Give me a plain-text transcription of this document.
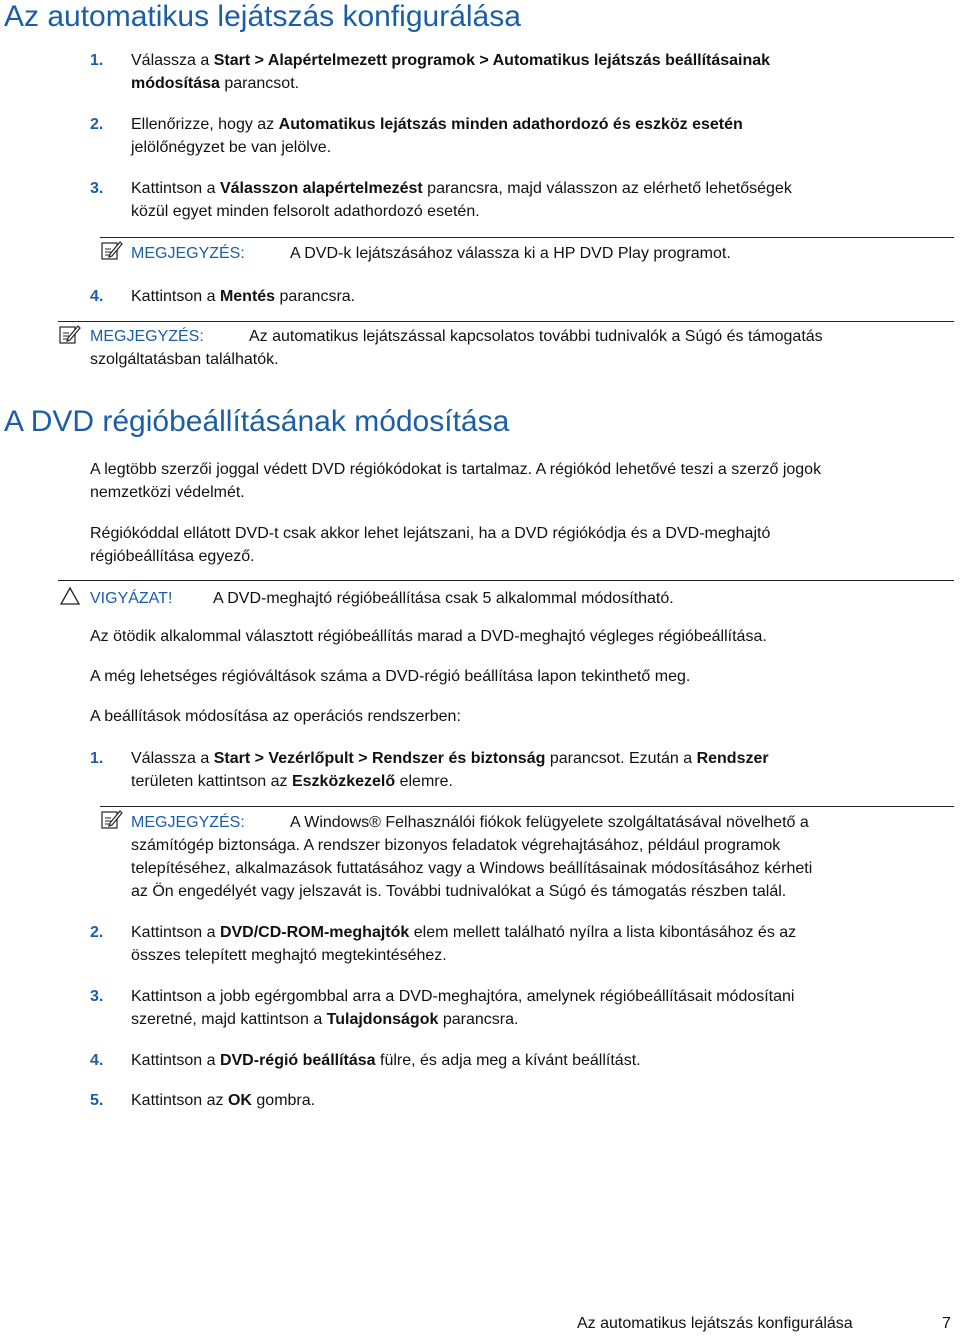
Az automatikus lejátszás konfigurálása
1. Válassza a Start > Alapértelmezett programok > Automatikus lejátszás beállításainak
módosítása parancsot.
2. Ellenőrizze, hogy az Automatikus lejátszás minden adathordozó és eszköz esetén
jelölőnégyzet be van jelölve.
3. Kattintson a Válasszon alapértelmezést parancsra, majd válasszon az elérhető lehetőségek
közül egyet minden felsorolt adathordozó esetén.
MEGJEGYZÉS:	A DVD-k lejátszásához válassza ki a HP DVD Play programot.
4. Kattintson a Mentés parancsra.
MEGJEGYZÉS:	Az automatikus lejátszással kapcsolatos további tudnivalók a Súgó és támogatás
szolgáltatásban találhatók.
A DVD régióbeállításának módosítása
A legtöbb szerzői joggal védett DVD régiókódokat is tartalmaz. A régiókód lehetővé teszi a szerző jogok
nemzetközi védelmét.
Régiókóddal ellátott DVD-t csak akkor lehet lejátszani, ha a DVD régiókódja és a DVD-meghajtó
régióbeállítása egyező.
VIGYÁZAT!	A DVD-meghajtó régióbeállítása csak 5 alkalommal módosítható.
Az ötödik alkalommal választott régióbeállítás marad a DVD-meghajtó végleges régióbeállítása.
A még lehetséges régióváltások száma a DVD-régió beállítása lapon tekinthető meg.
A beállítások módosítása az operációs rendszerben:
1. Válassza a Start > Vezérlőpult > Rendszer és biztonság parancsot. Ezután a Rendszer
területen kattintson az Eszközkezelő elemre.
MEGJEGYZÉS:	A Windows® Felhasználói fiókok felügyelete szolgáltatásával növelhető a
számítógép biztonsága. A rendszer bizonyos feladatok végrehajtásához, például programok
telepítéséhez, alkalmazások futtatásához vagy a Windows beállításainak módosításához kérheti
az Ön engedélyét vagy jelszavát is. További tudnivalókat a Súgó és támogatás részben talál.
2. Kattintson a DVD/CD-ROM-meghajtók elem mellett található nyílra a lista kibontásához és az
összes telepített meghajtó megtekintéséhez.
3. Kattintson a jobb egérgombbal arra a DVD-meghajtóra, amelynek régióbeállításait módosítani
szeretné, majd kattintson a Tulajdonságok parancsra.
4. Kattintson a DVD-régió beállítása fülre, és adja meg a kívánt beállítást.
5. Kattintson az OK gombra.
Az automatikus lejátszás konfigurálása	7
